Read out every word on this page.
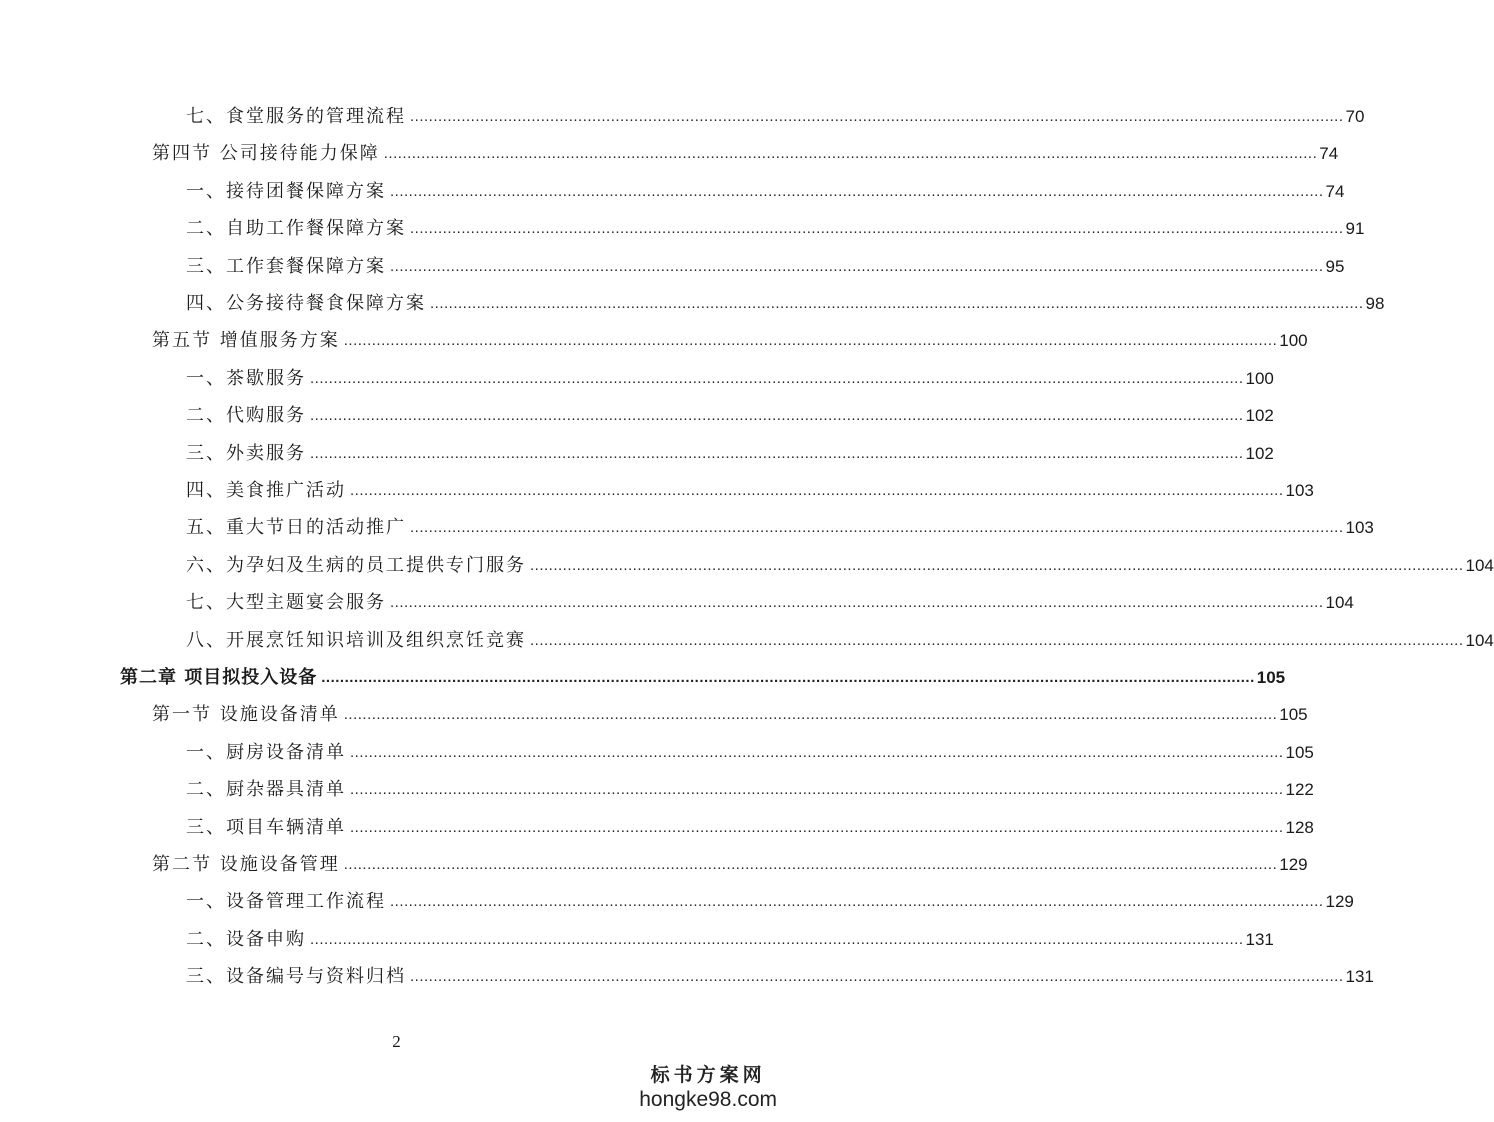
七、食堂服务的管理流程 ........................................................................................................................................................................................................ 70
第四节 公司接待能力保障 ........................................................................................................................................................................................................ 74
一、接待团餐保障方案 ........................................................................................................................................................................................................ 74
二、自助工作餐保障方案 ........................................................................................................................................................................................................ 91
三、工作套餐保障方案 ........................................................................................................................................................................................................ 95
四、公务接待餐食保障方案 ........................................................................................................................................................................................................ 98
第五节 增值服务方案 ........................................................................................................................................................................................................ 100
一、茶歇服务 ........................................................................................................................................................................................................ 100
二、代购服务 ........................................................................................................................................................................................................ 102
三、外卖服务 ........................................................................................................................................................................................................ 102
四、美食推广活动 ........................................................................................................................................................................................................ 103
五、重大节日的活动推广 ........................................................................................................................................................................................................ 103
六、为孕妇及生病的员工提供专门服务 ........................................................................................................................................................................................................ 104
七、大型主题宴会服务 ........................................................................................................................................................................................................ 104
八、开展烹饪知识培训及组织烹饪竞赛 ........................................................................................................................................................................................................ 104
第二章 项目拟投入设备 ........................................................................................................................................................................................................ 105
第一节 设施设备清单 ........................................................................................................................................................................................................ 105
一、厨房设备清单 ........................................................................................................................................................................................................ 105
二、厨杂器具清单 ........................................................................................................................................................................................................ 122
三、项目车辆清单 ........................................................................................................................................................................................................ 128
第二节 设施设备管理 ........................................................................................................................................................................................................ 129
一、设备管理工作流程 ........................................................................................................................................................................................................ 129
二、设备申购 ........................................................................................................................................................................................................ 131
三、设备编号与资料归档 ........................................................................................................................................................................................................ 131
2
标书方案网
hongke98.com
